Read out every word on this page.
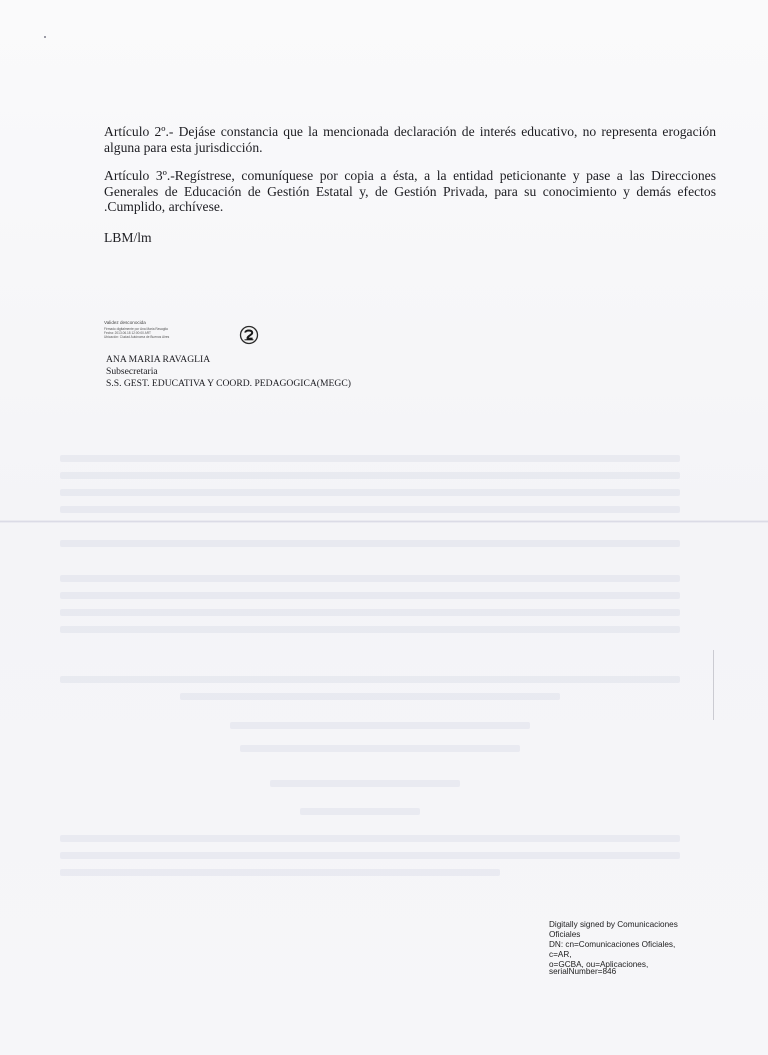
Artículo 2º.- Dejáse constancia que la mencionada declaración de interés educativo, no representa erogación alguna para esta jurisdicción.

Artículo 3º.-Regístrese, comuníquese por copia a ésta, a la entidad peticionante y pase a las Direcciones Generales de Educación de Gestión Estatal y, de Gestión Privada, para su conocimiento y demás efectos .Cumplido, archívese.

LBM/lm
Validez desconocida
Firmado digitalmente por Ana Maria Ravaglia
Fecha: 2013.06.18 12:00:00 ART
Ubicación: Ciudad Autónoma de Buenos Aires
ANA MARIA RAVAGLIA
Subsecretaria
S.S. GEST. EDUCATIVA Y COORD. PEDAGOGICA(MEGC)
Digitally signed by Comunicaciones
Oficiales
DN: cn=Comunicaciones Oficiales, c=AR,
o=GCBA, ou=Aplicaciones,
serialNumber=846
